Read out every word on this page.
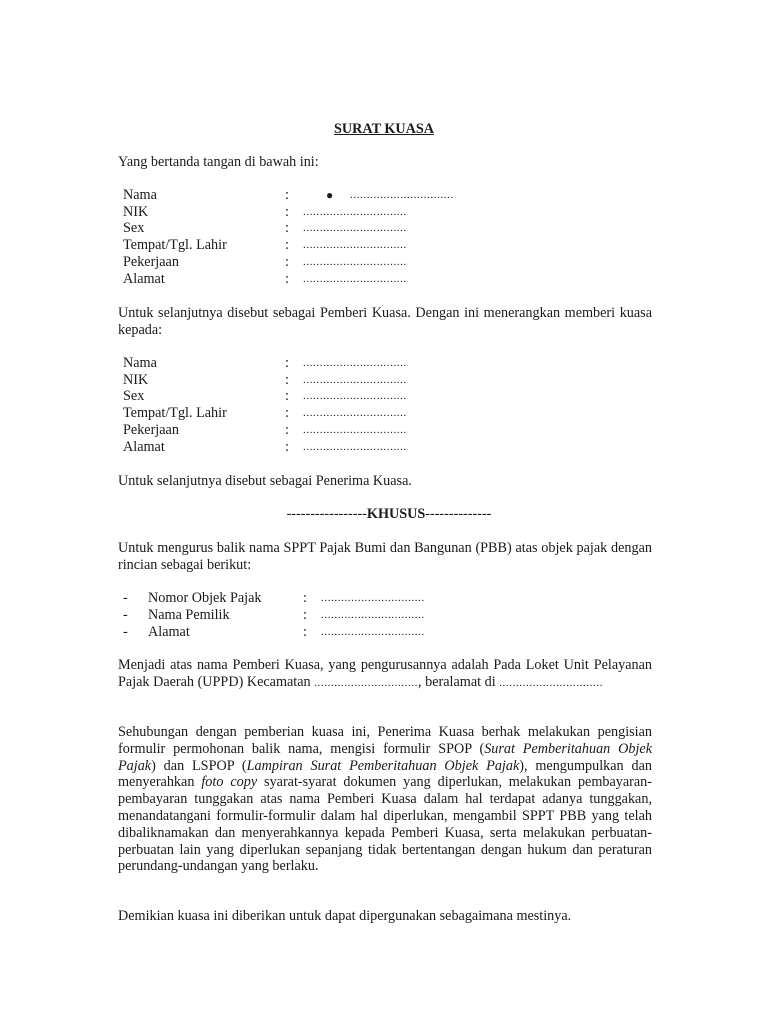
SURAT KUASA

Yang bertanda tangan di bawah ini:

Nama	:	● ...............................
NIK	: ...............................
Sex	: ...............................
Tempat/Tgl. Lahir	: ...............................
Pekerjaan	: ...............................
Alamat	: ...............................

Untuk selanjutnya disebut sebagai Pemberi Kuasa. Dengan ini menerangkan memberi kuasa kepada:

Nama	: ...............................
NIK	: ...............................
Sex	: ...............................
Tempat/Tgl. Lahir	: ...............................
Pekerjaan	: ...............................
Alamat	: ...............................

Untuk selanjutnya disebut sebagai Penerima Kuasa.

-----------------KHUSUS--------------

Untuk mengurus balik nama SPPT Pajak Bumi dan Bangunan (PBB) atas objek pajak dengan rincian sebagai berikut:

- Nomor Objek Pajak	: ...............................
- Nama Pemilik	: ...............................
- Alamat	: ...............................

Menjadi atas nama Pemberi Kuasa, yang pengurusannya adalah Pada Loket Unit Pelayanan Pajak Daerah (UPPD) Kecamatan ..............................., beralamat di ...............................

Sehubungan dengan pemberian kuasa ini, Penerima Kuasa berhak melakukan pengisian formulir permohonan balik nama, mengisi formulir SPOP (Surat Pemberitahuan Objek Pajak) dan LSPOP (Lampiran Surat Pemberitahuan Objek Pajak), mengumpulkan dan menyerahkan foto copy syarat-syarat dokumen yang diperlukan, melakukan pembayaran-pembayaran tunggakan atas nama Pemberi Kuasa dalam hal terdapat adanya tunggakan, menandatangani formulir-formulir dalam hal diperlukan, mengambil SPPT PBB yang telah dibaliknamakan dan menyerahkannya kepada Pemberi Kuasa, serta melakukan perbuatan-perbuatan lain yang diperlukan sepanjang tidak bertentangan dengan hukum dan peraturan perundang-undangan yang berlaku.

Demikian kuasa ini diberikan untuk dapat dipergunakan sebagaimana mestinya.
